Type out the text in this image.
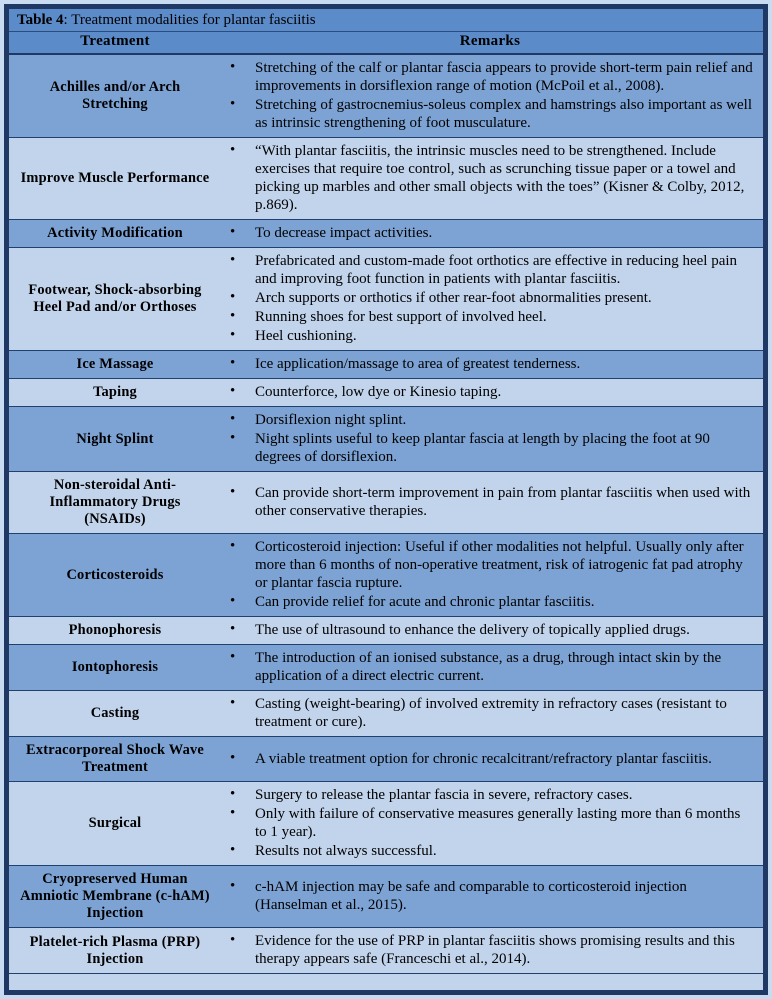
Table 4: Treatment modalities for plantar fasciitis	
Treatment	Remarks
Achilles and/or Arch Stretching	
• Stretching of the calf or plantar fascia appears to provide short-term pain relief and improvements in dorsiflexion range of motion (McPoil et al., 2008).
• Stretching of gastrocnemius-soleus complex and hamstrings also important as well as intrinsic strengthening of foot musculature.

Improve Muscle Performance	
• “With plantar fasciitis, the intrinsic muscles need to be strengthened. Include exercises that require toe control, such as scrunching tissue paper or a towel and picking up marbles and other small objects with the toes” (Kisner & Colby, 2012, p.869).

Activity Modification	
•To decrease impact activities.

Footwear, Shock-absorbing Heel Pad and/or Orthoses	
• Prefabricated and custom-made foot orthotics are effective in reducing heel pain and improving foot function in patients with plantar fasciitis.
• Arch supports or orthotics if other rear-foot abnormalities present.
• Running shoes for best support of involved heel.
• Heel cushioning.

Ice Massage	
•Ice application/massage to area of greatest tenderness.

Taping	
•Counterforce, low dye or Kinesio taping.

Night Splint	
• Dorsiflexion night splint.
• Night splints useful to keep plantar fascia at length by placing the foot at 90 degrees of dorsiflexion.

Non-steroidal Anti-Inflammatory Drugs (NSAIDs)	
• Can provide short-term improvement in pain from plantar fasciitis when used with other conservative therapies.

Corticosteroids	
• Corticosteroid injection: Useful if other modalities not helpful. Usually only after more than 6 months of non-operative treatment, risk of iatrogenic fat pad atrophy or plantar fascia rupture.
• Can provide relief for acute and chronic plantar fasciitis.

Phonophoresis	
•The use of ultrasound to enhance the delivery of topically applied drugs.

Iontophoresis	
• The introduction of an ionised substance, as a drug, through intact skin by the application of a direct electric current.

Casting	
• Casting (weight-bearing) of involved extremity in refractory cases (resistant to treatment or cure).

Extracorporeal Shock Wave Treatment	
• A viable treatment option for chronic recalcitrant/refractory plantar fasciitis.

Surgical	
• Surgery to release the plantar fascia in severe, refractory cases.
• Only with failure of conservative measures generally lasting more than 6 months to 1 year).
• Results not always successful.

Cryopreserved Human Amniotic Membrane (c-hAM) Injection	
• c-hAM injection may be safe and comparable to corticosteroid injection (Hanselman et al., 2015).

Platelet-rich Plasma (PRP) Injection	
• Evidence for the use of PRP in plantar fasciitis shows promising results and this therapy appears safe (Franceschi et al., 2014).
